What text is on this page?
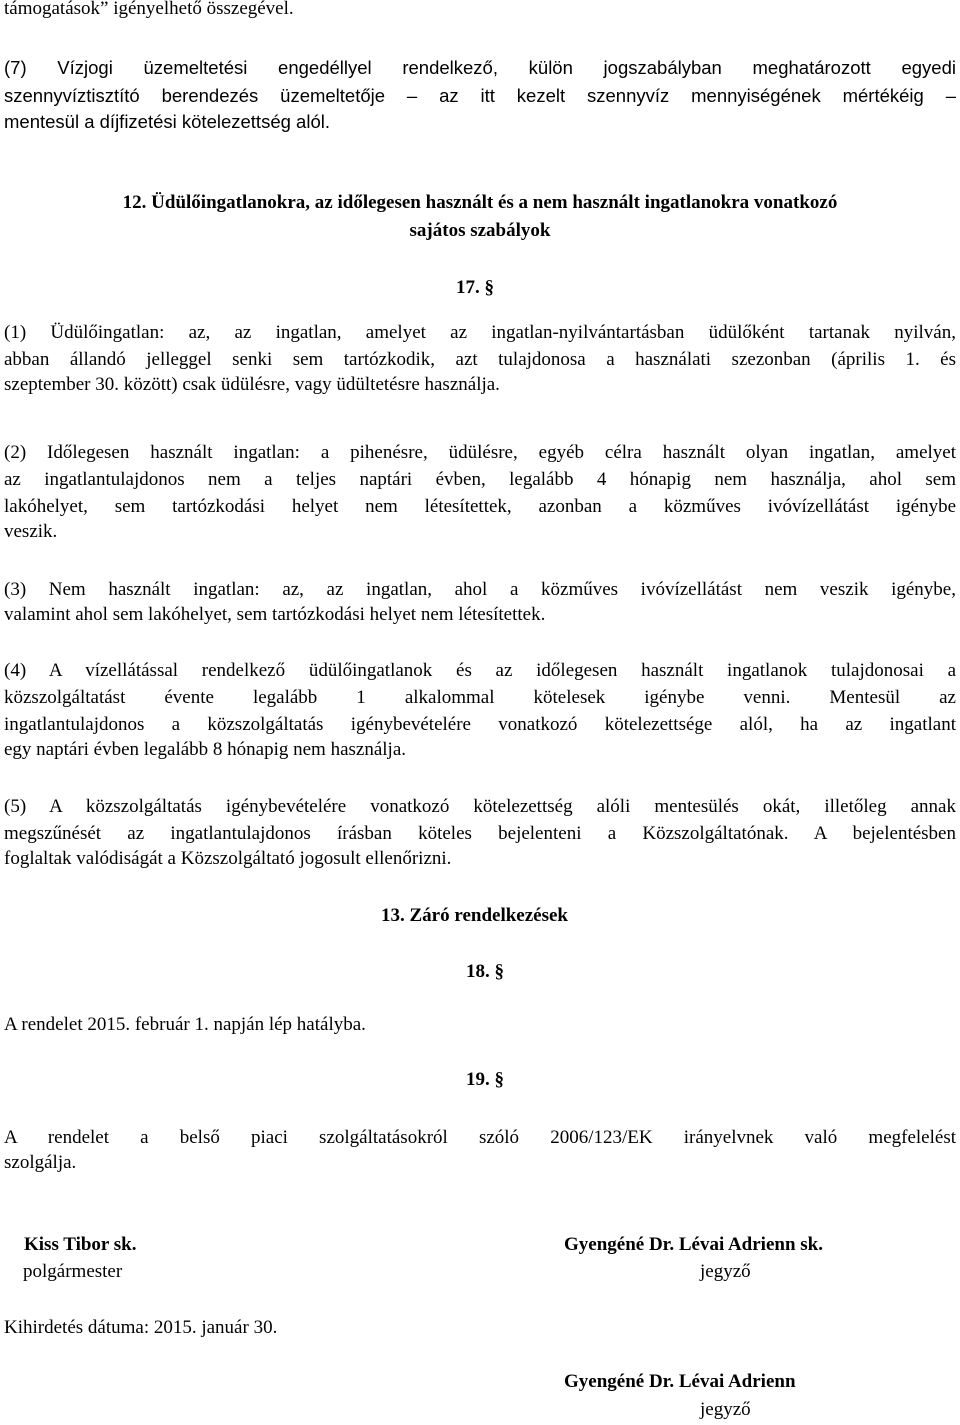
támogatások” igényelhető összegével.
(7) Vízjogi üzemeltetési engedéllyel rendelkező, külön jogszabályban meghatározott egyedi
szennyvíztisztító berendezés üzemeltetője – az itt kezelt szennyvíz mennyiségének mértékéig –
mentesül a díjfizetési kötelezettség alól.
12. Üdülőingatlanokra, az időlegesen használt és a nem használt ingatlanokra vonatkozó
sajátos szabályok
17. §
(1) Üdülőingatlan: az, az ingatlan, amelyet az ingatlan-nyilvántartásban üdülőként tartanak nyilván,
abban állandó jelleggel senki sem tartózkodik, azt tulajdonosa a használati szezonban (április 1. és
szeptember 30. között) csak üdülésre, vagy üdültetésre használja.
(2) Időlegesen használt ingatlan: a pihenésre, üdülésre, egyéb célra használt olyan ingatlan, amelyet
az ingatlantulajdonos nem a teljes naptári évben, legalább 4 hónapig nem használja, ahol sem
lakóhelyet, sem tartózkodási helyet nem létesítettek, azonban a közműves ivóvízellátást igénybe
veszik.
(3) Nem használt ingatlan: az, az ingatlan, ahol a közműves ivóvízellátást nem veszik igénybe,
valamint ahol sem lakóhelyet, sem tartózkodási helyet nem létesítettek.
(4) A vízellátással rendelkező üdülőingatlanok és az időlegesen használt ingatlanok tulajdonosai a
közszolgáltatást évente legalább 1 alkalommal kötelesek igénybe venni. Mentesül az
ingatlantulajdonos a közszolgáltatás igénybevételére vonatkozó kötelezettsége alól, ha az ingatlant
egy naptári évben legalább 8 hónapig nem használja.
(5) A közszolgáltatás igénybevételére vonatkozó kötelezettség alóli mentesülés okát, illetőleg annak
megszűnését az ingatlantulajdonos írásban köteles bejelenteni a Közszolgáltatónak. A bejelentésben
foglaltak valódiságát a Közszolgáltató jogosult ellenőrizni.
13. Záró rendelkezések
18. §
A rendelet 2015. február 1. napján lép hatályba.
19. §
A rendelet a belső piaci szolgáltatásokról szóló 2006/123/EK irányelvnek való megfelelést
szolgálja.
Kiss Tibor sk.
polgármester
Gyengéné Dr. Lévai Adrienn sk.
jegyző
Kihirdetés dátuma: 2015. január 30.
Gyengéné Dr. Lévai Adrienn
jegyző
